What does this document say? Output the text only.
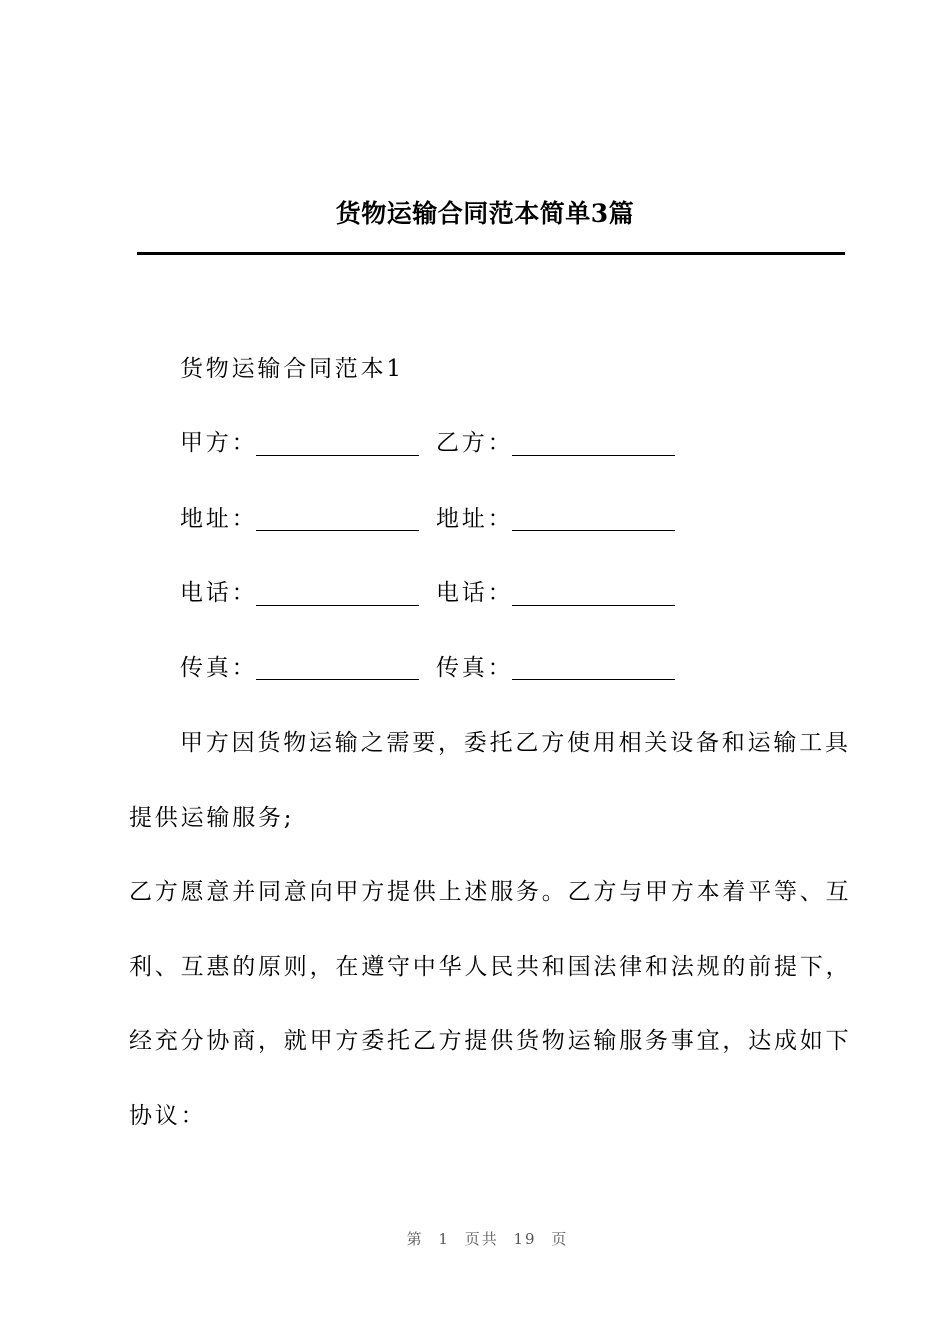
货物运输合同范本简单3篇
货物运输合同范本1
甲方：	乙方：
地址：	地址：
电话：	电话：
传真：	传真：
甲方因货物运输之需要，委托乙方使用相关设备和运输工具
提供运输服务;
乙方愿意并同意向甲方提供上述服务。乙方与甲方本着平等、互
利、互惠的原则，在遵守中华人民共和国法律和法规的前提下，
经充分协商，就甲方委托乙方提供货物运输服务事宜，达成如下
协议：
第 1 页共 19 页
